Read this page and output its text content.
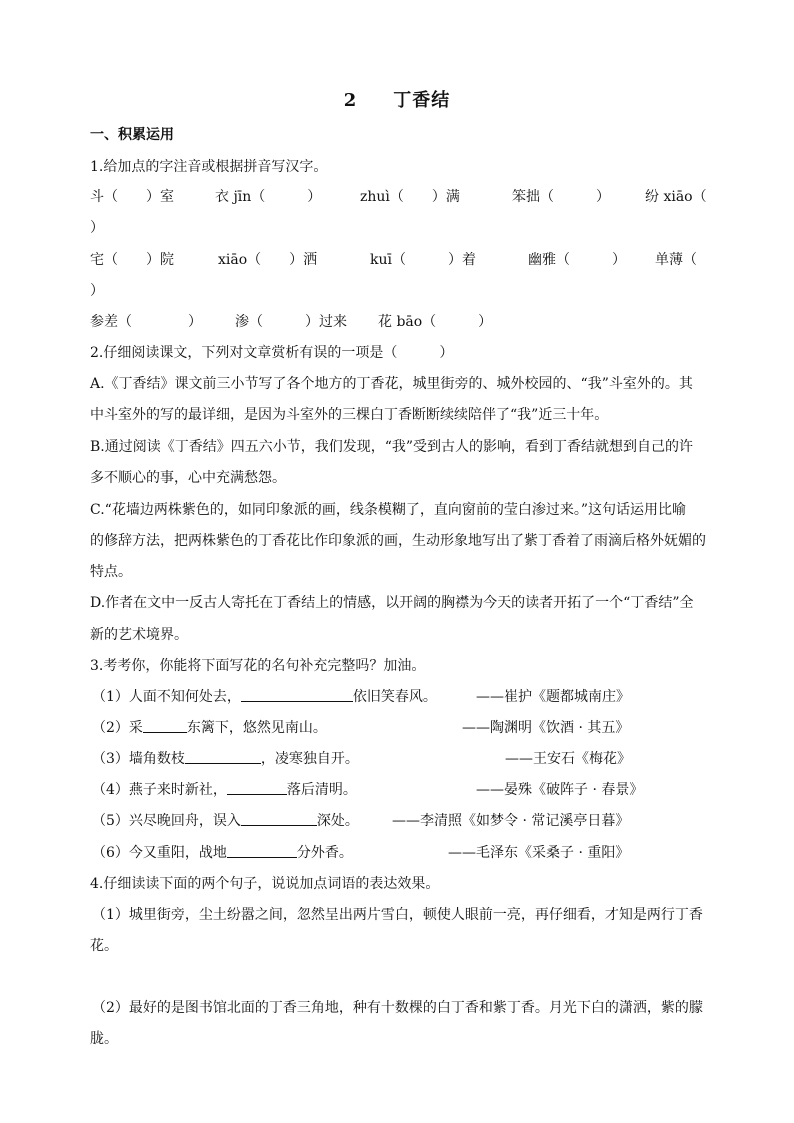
2 丁香结
一、积累运用
1.给加点的字注音或根据拼音写汉字。
斗（　　）室	衣 jīn（　　　）	zhuì（　　）满	笨拙（　　　）	纷 xiāo（
）
宅（　　）院	xiāo（　　）洒	kuī（　　　）着	幽雅（　　　） 单薄（
）
参差（　　　　） 渗（　　　）过来 花 bāo（　　　）
2.仔细阅读课文，下列对文章赏析有误的一项是（　　　）
A.《丁香结》课文前三小节写了各个地方的丁香花，城里街旁的、城外校园的、“我”斗室外的。其
中斗室外的写的最详细，是因为斗室外的三棵白丁香断断续续陪伴了“我”近三十年。
B.通过阅读《丁香结》四五六小节，我们发现，“我”受到古人的影响，看到丁香结就想到自己的许
多不顺心的事，心中充满愁怨。
C.“花墙边两株紫色的，如同印象派的画，线条模糊了，直向窗前的莹白渗过来。”这句话运用比喻
的修辞方法，把两株紫色的丁香花比作印象派的画，生动形象地写出了紫丁香着了雨滴后格外妩媚的
特点。
D.作者在文中一反古人寄托在丁香结上的情感，以开阔的胸襟为今天的读者开拓了一个“丁香结”全
新的艺术境界。
3.考考你，你能将下面写花的名句补充完整吗？加油。
（1）人面不知何处去，	依旧笑春风。	——崔护《题都城南庄》
（2）采	东篱下，悠然见南山。	——陶渊明《饮酒 · 其五》
（3）墙角数枝	，凌寒独自开。	——王安石《梅花》
（4）燕子来时新社，	落后清明。	——晏殊《破阵子 · 春景》
（5）兴尽晚回舟，误入	深处。 ——李清照《如梦令 · 常记溪亭日暮》
（6）今又重阳，战地	分外香。	——毛泽东《采桑子 · 重阳》
4.仔细读读下面的两个句子，说说加点词语的表达效果。
（1）城里街旁，尘土纷嚣之间，忽然呈出两片雪白，顿使人眼前一亮，再仔细看，才知是两行丁香
花。
（2）最好的是图书馆北面的丁香三角地，种有十数棵的白丁香和紫丁香。月光下白的潇洒，紫的朦
胧。
